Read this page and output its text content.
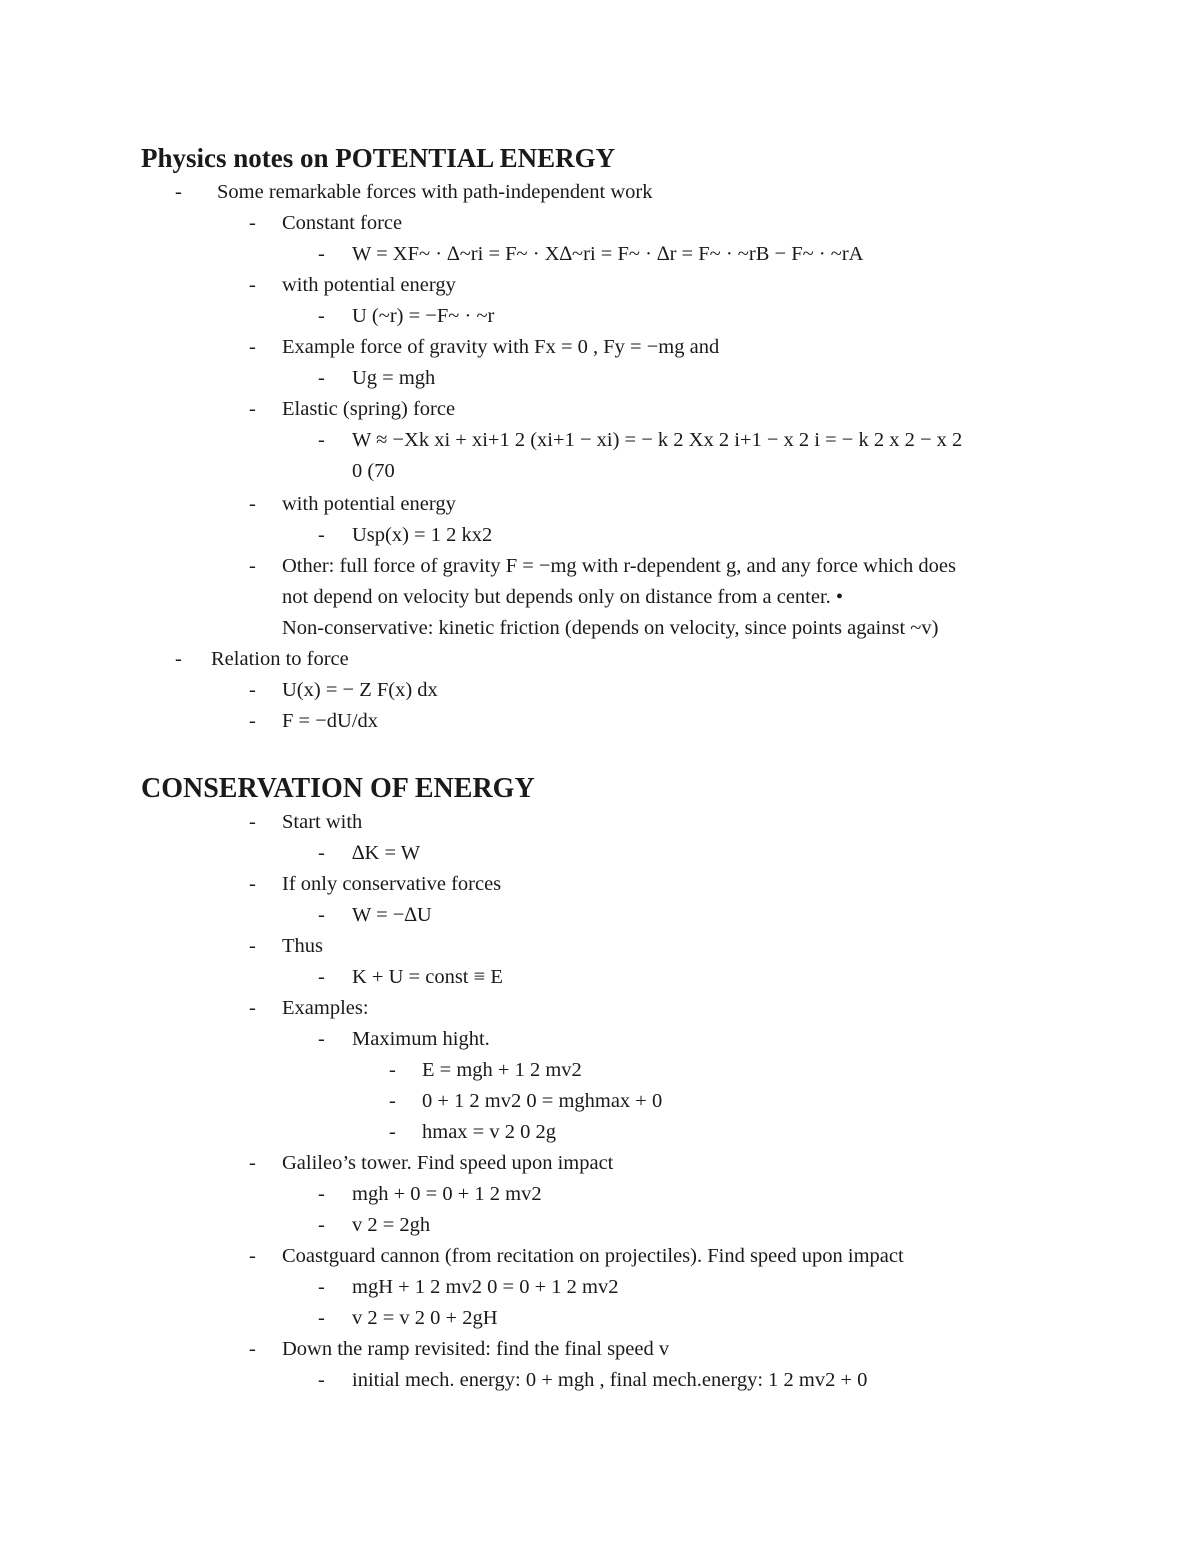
Physics notes on POTENTIAL ENERGY
- Some remarkable forces with path-independent work
- Constant force
- W = XF~ · ∆~ri = F~ · X∆~ri = F~ · ∆r = F~ · ~rB − F~ · ~rA
- with potential energy
- U (~r) = −F~ · ~r
- Example force of gravity with Fx = 0 , Fy = −mg and
- Ug = mgh
- Elastic (spring) force
- W ≈ −Xk xi + xi+1 2 (xi+1 − xi) = − k 2 Xx 2 i+1 − x 2 i = − k 2 x 2 − x 2
0 (70
- with potential energy
- Usp(x) = 1 2 kx2
- Other: full force of gravity F = −mg with r-dependent g, and any force which does
not depend on velocity but depends only on distance from a center. •
Non-conservative: kinetic friction (depends on velocity, since points against ~v)
- Relation to force
- U(x) = − Z F(x) dx
- F = −dU/dx
CONSERVATION OF ENERGY
- Start with
- ∆K = W
- If only conservative forces
- W = −∆U
- Thus
- K + U = const ≡ E
- Examples:
- Maximum hight.
- E = mgh + 1 2 mv2
- 0 + 1 2 mv2 0 = mghmax + 0
- hmax = v 2 0 2g
- Galileo’s tower. Find speed upon impact
- mgh + 0 = 0 + 1 2 mv2
- v 2 = 2gh
- Coastguard cannon (from recitation on projectiles). Find speed upon impact
- mgH + 1 2 mv2 0 = 0 + 1 2 mv2
- v 2 = v 2 0 + 2gH
- Down the ramp revisited: find the final speed v
- initial mech. energy: 0 + mgh , final mech.energy: 1 2 mv2 + 0
